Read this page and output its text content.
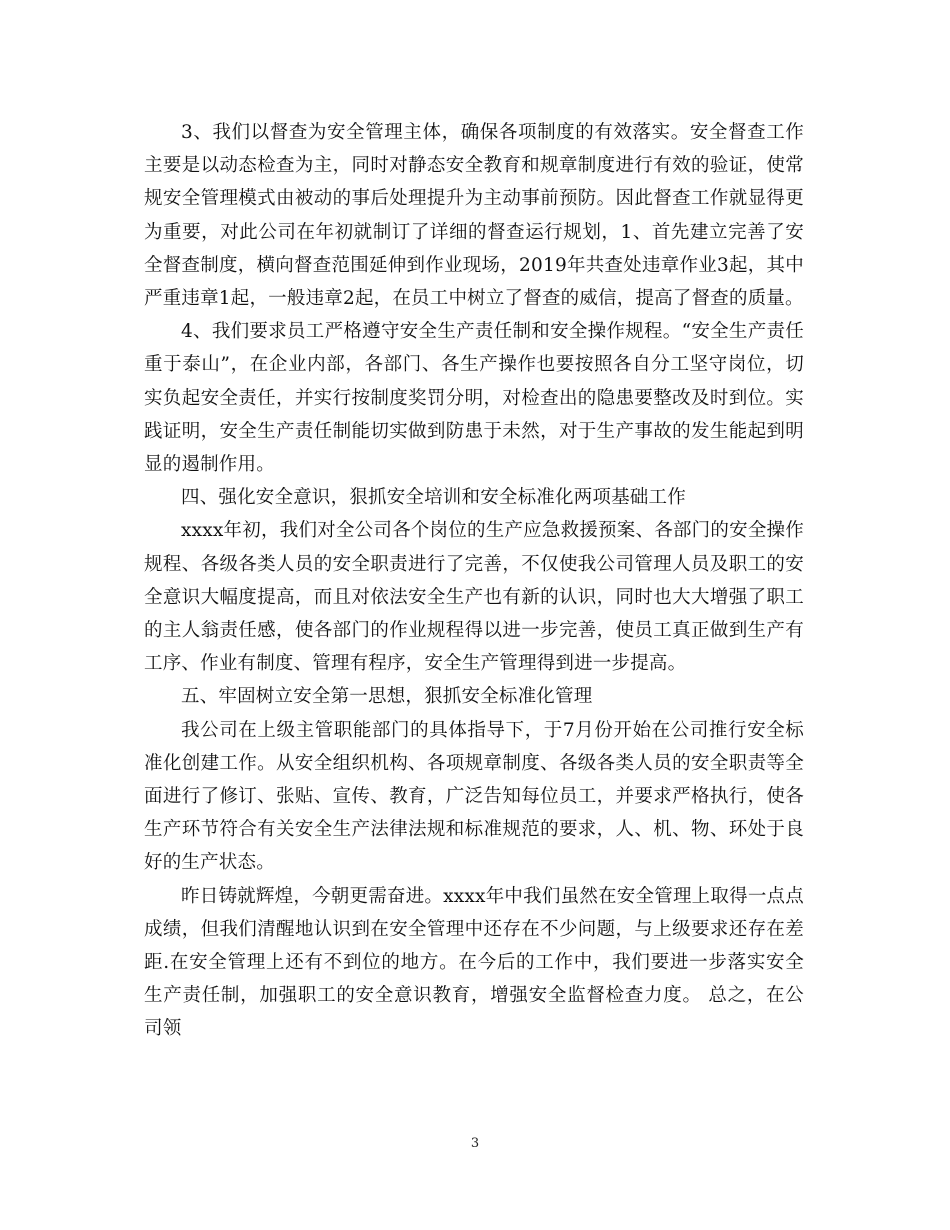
3、我们以督查为安全管理主体，确保各项制度的有效落实。安全督查工作主要是以动态检查为主，同时对静态安全教育和规章制度进行有效的验证，使常规安全管理模式由被动的事后处理提升为主动事前预防。因此督查工作就显得更为重要，对此公司在年初就制订了详细的督查运行规划，1、首先建立完善了安全督查制度，横向督查范围延伸到作业现场，2019年共查处违章作业3起，其中严重违章1起，一般违章2起，在员工中树立了督查的威信，提高了督查的质量。

4、我们要求员工严格遵守安全生产责任制和安全操作规程。“安全生产责任重于泰山”，在企业内部，各部门、各生产操作也要按照各自分工坚守岗位，切实负起安全责任，并实行按制度奖罚分明，对检查出的隐患要整改及时到位。实践证明，安全生产责任制能切实做到防患于未然，对于生产事故的发生能起到明显的遏制作用。

四、强化安全意识，狠抓安全培训和安全标准化两项基础工作

xxxx年初，我们对全公司各个岗位的生产应急救援预案、各部门的安全操作规程、各级各类人员的安全职责进行了完善，不仅使我公司管理人员及职工的安全意识大幅度提高，而且对依法安全生产也有新的认识，同时也大大增强了职工的主人翁责任感，使各部门的作业规程得以进一步完善，使员工真正做到生产有工序、作业有制度、管理有程序，安全生产管理得到进一步提高。

五、牢固树立安全第一思想，狠抓安全标准化管理

我公司在上级主管职能部门的具体指导下，于7月份开始在公司推行安全标准化创建工作。从安全组织机构、各项规章制度、各级各类人员的安全职责等全面进行了修订、张贴、宣传、教育，广泛告知每位员工，并要求严格执行，使各生产环节符合有关安全生产法律法规和标准规范的要求，人、机、物、环处于良好的生产状态。

昨日铸就辉煌，今朝更需奋进。xxxx年中我们虽然在安全管理上取得一点点成绩，但我们清醒地认识到在安全管理中还存在不少问题，与上级要求还存在差距.在安全管理上还有不到位的地方。在今后的工作中，我们要进一步落实安全生产责任制，加强职工的安全意识教育，增强安全监督检查力度。 总之，在公司领

3
